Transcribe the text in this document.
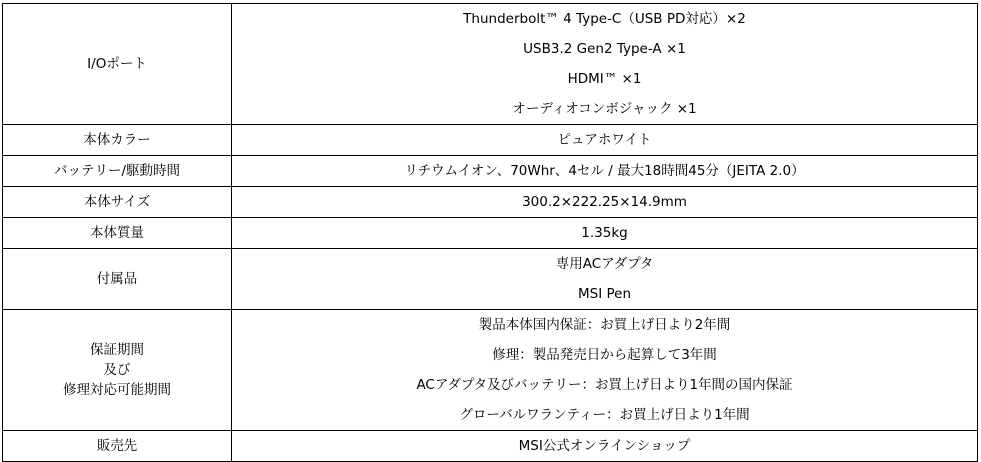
I/Oポート	Thunderbolt™ 4 Type-C（USB PD対応）×2
USB3.2 Gen2 Type-A ×1
HDMI™ ×1
オーディオコンボジャック ×1

本体カラー	ピュアホワイト

バッテリー/駆動時間	リチウムイオン、70Whr、4セル / 最大18時間45分（JEITA 2.0）

本体サイズ	300.2×222.25×14.9mm

本体質量	1.35kg

付属品	専用ACアダプタ
MSI Pen

保証期間
及び
修理対応可能期間	製品本体国内保証：お買上げ日より2年間
修理：製品発売日から起算して3年間
ACアダプタ及びバッテリー：お買上げ日より1年間の国内保証
グローバルワランティー：お買上げ日より1年間

販売先	MSI公式オンラインショップ
